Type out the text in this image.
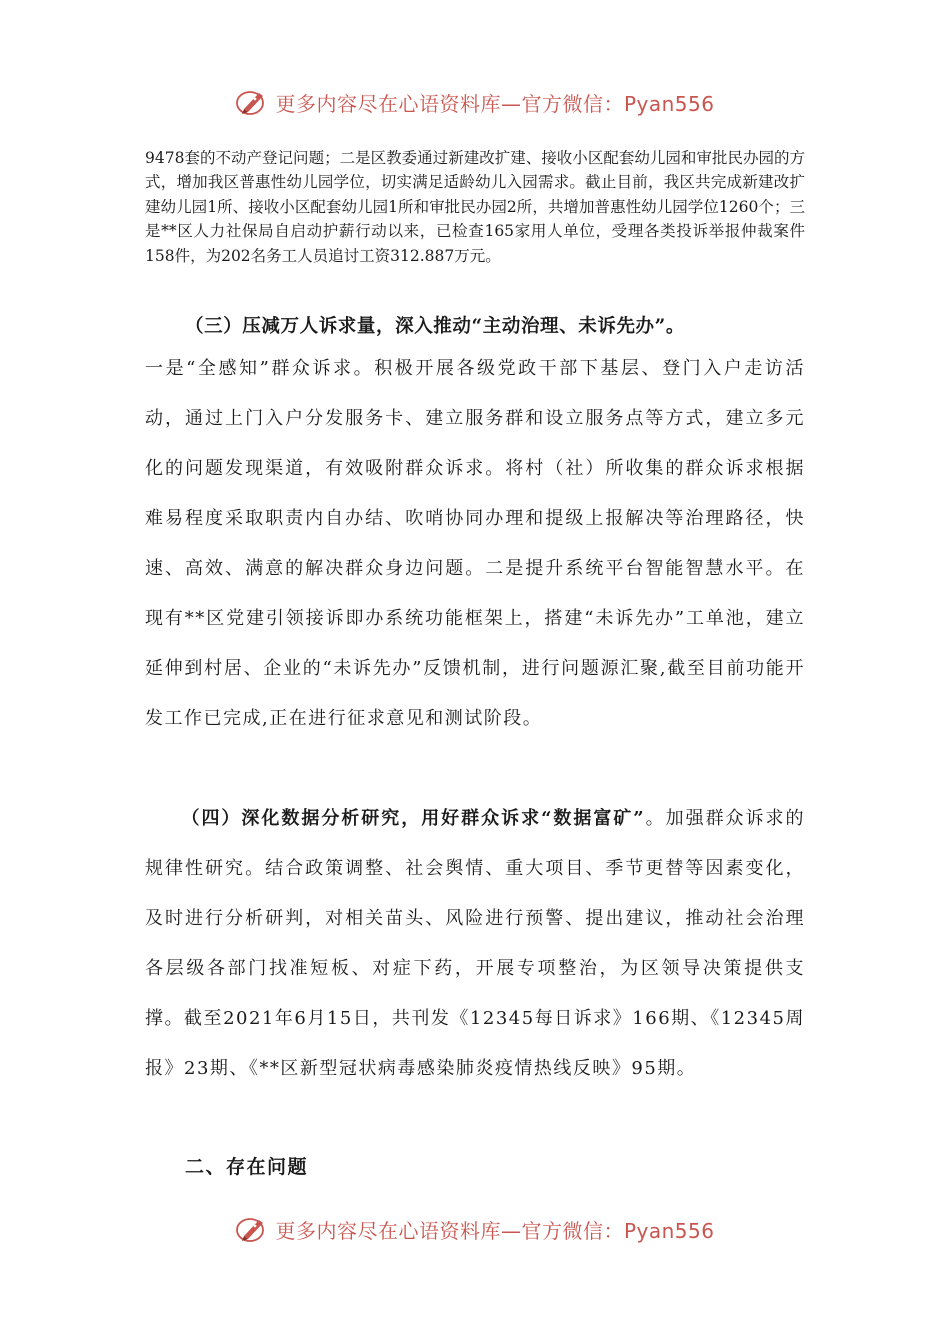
更多内容尽在心语资料库—官方微信：Pyan556

9478套的不动产登记问题；二是区教委通过新建改扩建、接收小区配套幼儿园和审批民办园的方式，增加我区普惠性幼儿园学位，切实满足适龄幼儿入园需求。截止目前，我区共完成新建改扩建幼儿园1所、接收小区配套幼儿园1所和审批民办园2所，共增加普惠性幼儿园学位1260个；三是**区人力社保局自启动护薪行动以来，已检查165家用人单位，受理各类投诉举报仲裁案件158件，为202名务工人员追讨工资312.887万元。

（三）压减万人诉求量，深入推动“主动治理、未诉先办”。
一是“全感知”群众诉求。积极开展各级党政干部下基层、登门入户走访活动，通过上门入户分发服务卡、建立服务群和设立服务点等方式，建立多元化的问题发现渠道，有效吸附群众诉求。将村（社）所收集的群众诉求根据难易程度采取职责内自办结、吹哨协同办理和提级上报解决等治理路径，快速、高效、满意的解决群众身边问题。二是提升系统平台智能智慧水平。在现有**区党建引领接诉即办系统功能框架上，搭建“未诉先办”工单池，建立延伸到村居、企业的“未诉先办”反馈机制，进行问题源汇聚,截至目前功能开发工作已完成,正在进行征求意见和测试阶段。
（四）深化数据分析研究，用好群众诉求“数据富矿”。加强群众诉求的规律性研究。结合政策调整、社会舆情、重大项目、季节更替等因素变化，及时进行分析研判，对相关苗头、风险进行预警、提出建议，推动社会治理各层级各部门找准短板、对症下药，开展专项整治，为区领导决策提供支撑。截至2021年6月15日，共刊发《12345每日诉求》166期、《12345周报》23期、《**区新型冠状病毒感染肺炎疫情热线反映》95期。
二、存在问题
更多内容尽在心语资料库—官方微信：Pyan556
